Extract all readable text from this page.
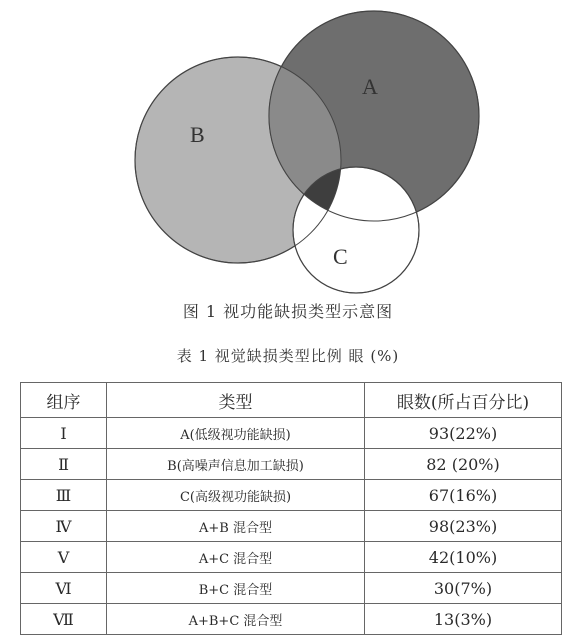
A
B
C
图 1 视功能缺损类型示意图
表 1 视觉缺损类型比例 眼 (%)
组序	类型	眼数(所占百分比)
Ⅰ	A(低级视功能缺损)	93(22%)
Ⅱ	B(高噪声信息加工缺损)	82 (20%)
Ⅲ	C(高级视功能缺损)	67(16%)
Ⅳ	A+B 混合型	98(23%)
Ⅴ	A+C 混合型	42(10%)
Ⅵ	B+C 混合型	30(7%)
Ⅶ	A+B+C 混合型	13(3%)
